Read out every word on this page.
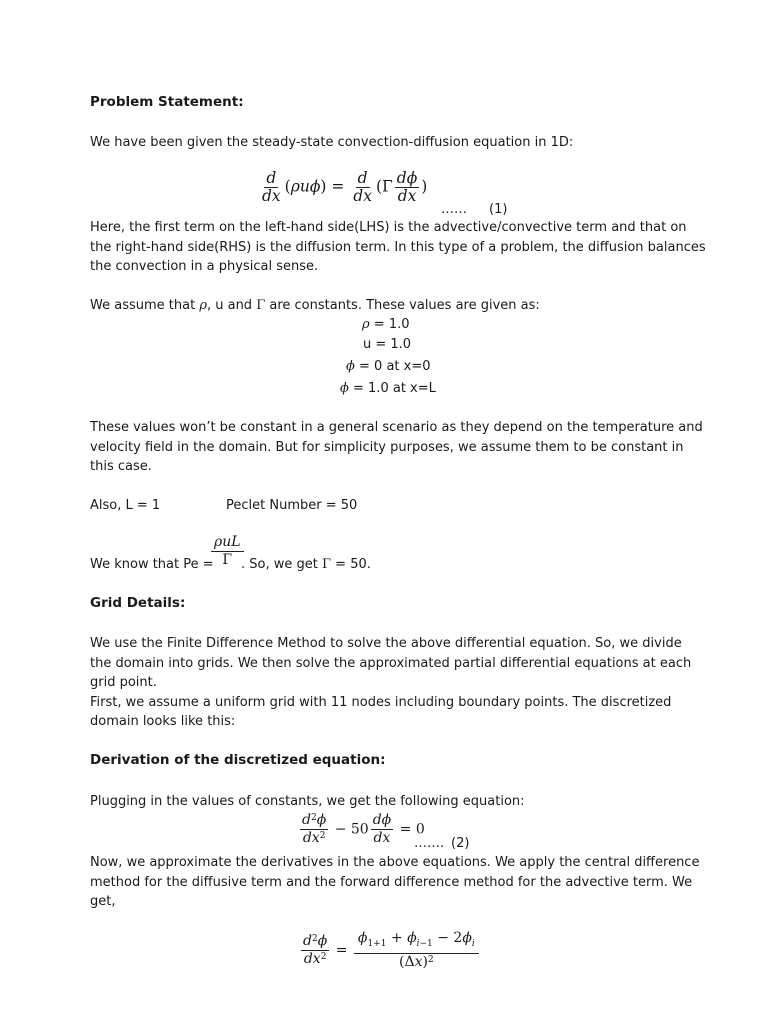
Problem Statement:
We have been given the steady-state convection-diffusion equation in 1D:
$\frac{d}{dx} (\rho u\phi) = \frac{d}{dx} (\Gamma \frac{d\phi}{dx}$ )
…… (1)
Here, the first term on the left-hand side(LHS) is the advective/convective term and that on
the right-hand side(RHS) is the diffusion term. In this type of a problem, the diffusion balances
the convection in a physical sense.
We assume that ρ, u and Γ are constants. These values are given as:
ρ = 1.0
u = 1.0
ϕ = 0 at x=0
ϕ = 1.0 at x=L
These values won’t be constant in a general scenario as they depend on the temperature and
velocity field in the domain. But for simplicity purposes, we assume them to be constant in
this case.
Also, L = 1	Peclet Number = 50
We know that Pe =
$\frac{\text{ρuL}}{\Gamma}$
. So, we get Γ = 50.
Grid Details:
We use the Finite Difference Method to solve the above differential equation. So, we divide
the domain into grids. We then solve the approximated partial differential equations at each
grid point.
First, we assume a uniform grid with 11 nodes including boundary points. The discretized
domain looks like this:
Derivation of the discretized equation:
Plugging in the values of constants, we get the following equation:
$\frac{d^2\phi}{dx^2} - 50 \frac{d\phi}{dx} = 0$
……. (2)
Now, we approximate the derivatives in the above equations. We apply the central difference
method for the diffusive term and the forward difference method for the advective term. We
get,
$\frac{d^2\phi}{dx^2} = \frac{\phi_{1+1} + \phi_{i-1} - 2\phi_i}{(\Delta x)^2}$
